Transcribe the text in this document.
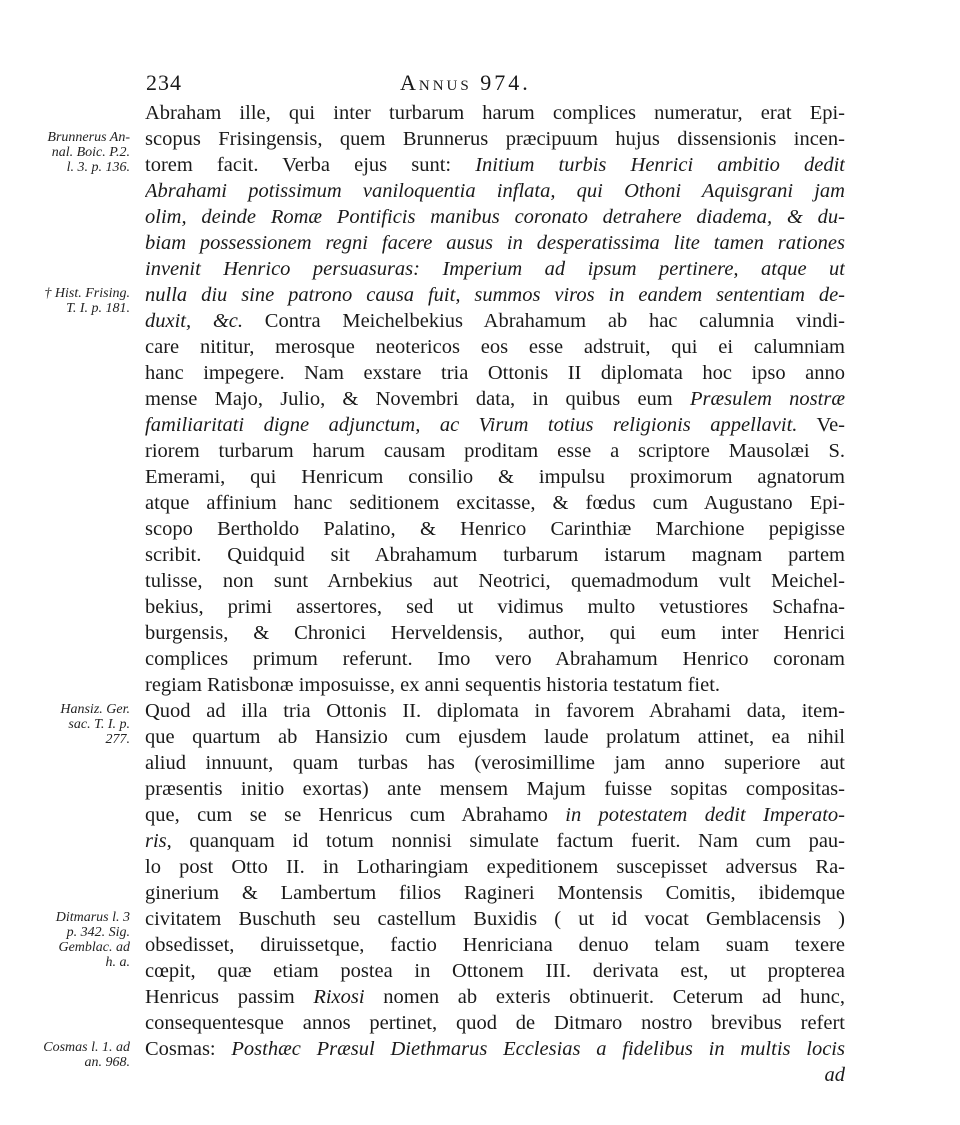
234	Annus 974.
Abraham ille, qui inter turbarum harum complices numeratur, erat Epi-
scopus Frisingensis, quem Brunnerus præcipuum hujus dissensionis incen-
torem facit. Verba ejus sunt: Initium turbis Henrici ambitio dedit
Abrahami potissimum vaniloquentia inflata, qui Othoni Aquisgrani jam
olim, deinde Romæ Pontificis manibus coronato detrahere diadema, & du-
biam possessionem regni facere ausus in desperatissima lite tamen rationes
invenit Henrico persuasuras: Imperium ad ipsum pertinere, atque ut
nulla diu sine patrono causa fuit, summos viros in eandem sententiam de-
duxit, &c. Contra Meichelbekius Abrahamum ab hac calumnia vindi-
care nititur, merosque neotericos eos esse adstruit, qui ei calumniam
hanc impegere. Nam exstare tria Ottonis II diplomata hoc ipso anno
mense Majo, Julio, & Novembri data, in quibus eum Præsulem nostræ
familiaritati digne adjunctum, ac Virum totius religionis appellavit. Ve-
riorem turbarum harum causam proditam esse a scriptore Mausolæi S.
Emerami, qui Henricum consilio & impulsu proximorum agnatorum
atque affinium hanc seditionem excitasse, & fœdus cum Augustano Epi-
scopo Bertholdo Palatino, & Henrico Carinthiæ Marchione pepigisse
scribit. Quidquid sit Abrahamum turbarum istarum magnam partem
tulisse, non sunt Arnbekius aut Neotrici, quemadmodum vult Meichel-
bekius, primi assertores, sed ut vidimus multo vetustiores Schafna-
burgensis, & Chronici Herveldensis, author, qui eum inter Henrici
complices primum referunt. Imo vero Abrahamum Henrico coronam
regiam Ratisbonæ imposuisse, ex anni sequentis historia testatum fiet.
Quod ad illa tria Ottonis II. diplomata in favorem Abrahami data, item-
que quartum ab Hansizio cum ejusdem laude prolatum attinet, ea nihil
aliud innuunt, quam turbas has (verosimillime jam anno superiore aut
præsentis initio exortas) ante mensem Majum fuisse sopitas compositas-
que, cum se se Henricus cum Abrahamo in potestatem dedit Imperato-
ris, quanquam id totum nonnisi simulate factum fuerit. Nam cum pau-
lo post Otto II. in Lotharingiam expeditionem suscepisset adversus Ra-
ginerium & Lambertum filios Ragineri Montensis Comitis, ibidemque
civitatem Buschuth seu castellum Buxidis ( ut id vocat Gemblacensis )
obsedisset, diruissetque, factio Henriciana denuo telam suam texere
cœpit, quæ etiam postea in Ottonem III. derivata est, ut propterea
Henricus passim Rixosi nomen ab exteris obtinuerit. Ceterum ad hunc,
consequentesque annos pertinet, quod de Ditmaro nostro brevibus refert
Cosmas: Posthæc Præsul Diethmarus Ecclesias a fidelibus in multis locis
ad
Brunnerus An-
nal. Boic. P.2.
l. 3. p. 136.
† Hist. Frising.
T. I. p. 181.
Hansiz. Ger.
sac. T. I. p.
277.
Ditmarus l. 3
p. 342. Sig.
Gemblac. ad
h. a.
Cosmas l. 1. ad
an. 968.
